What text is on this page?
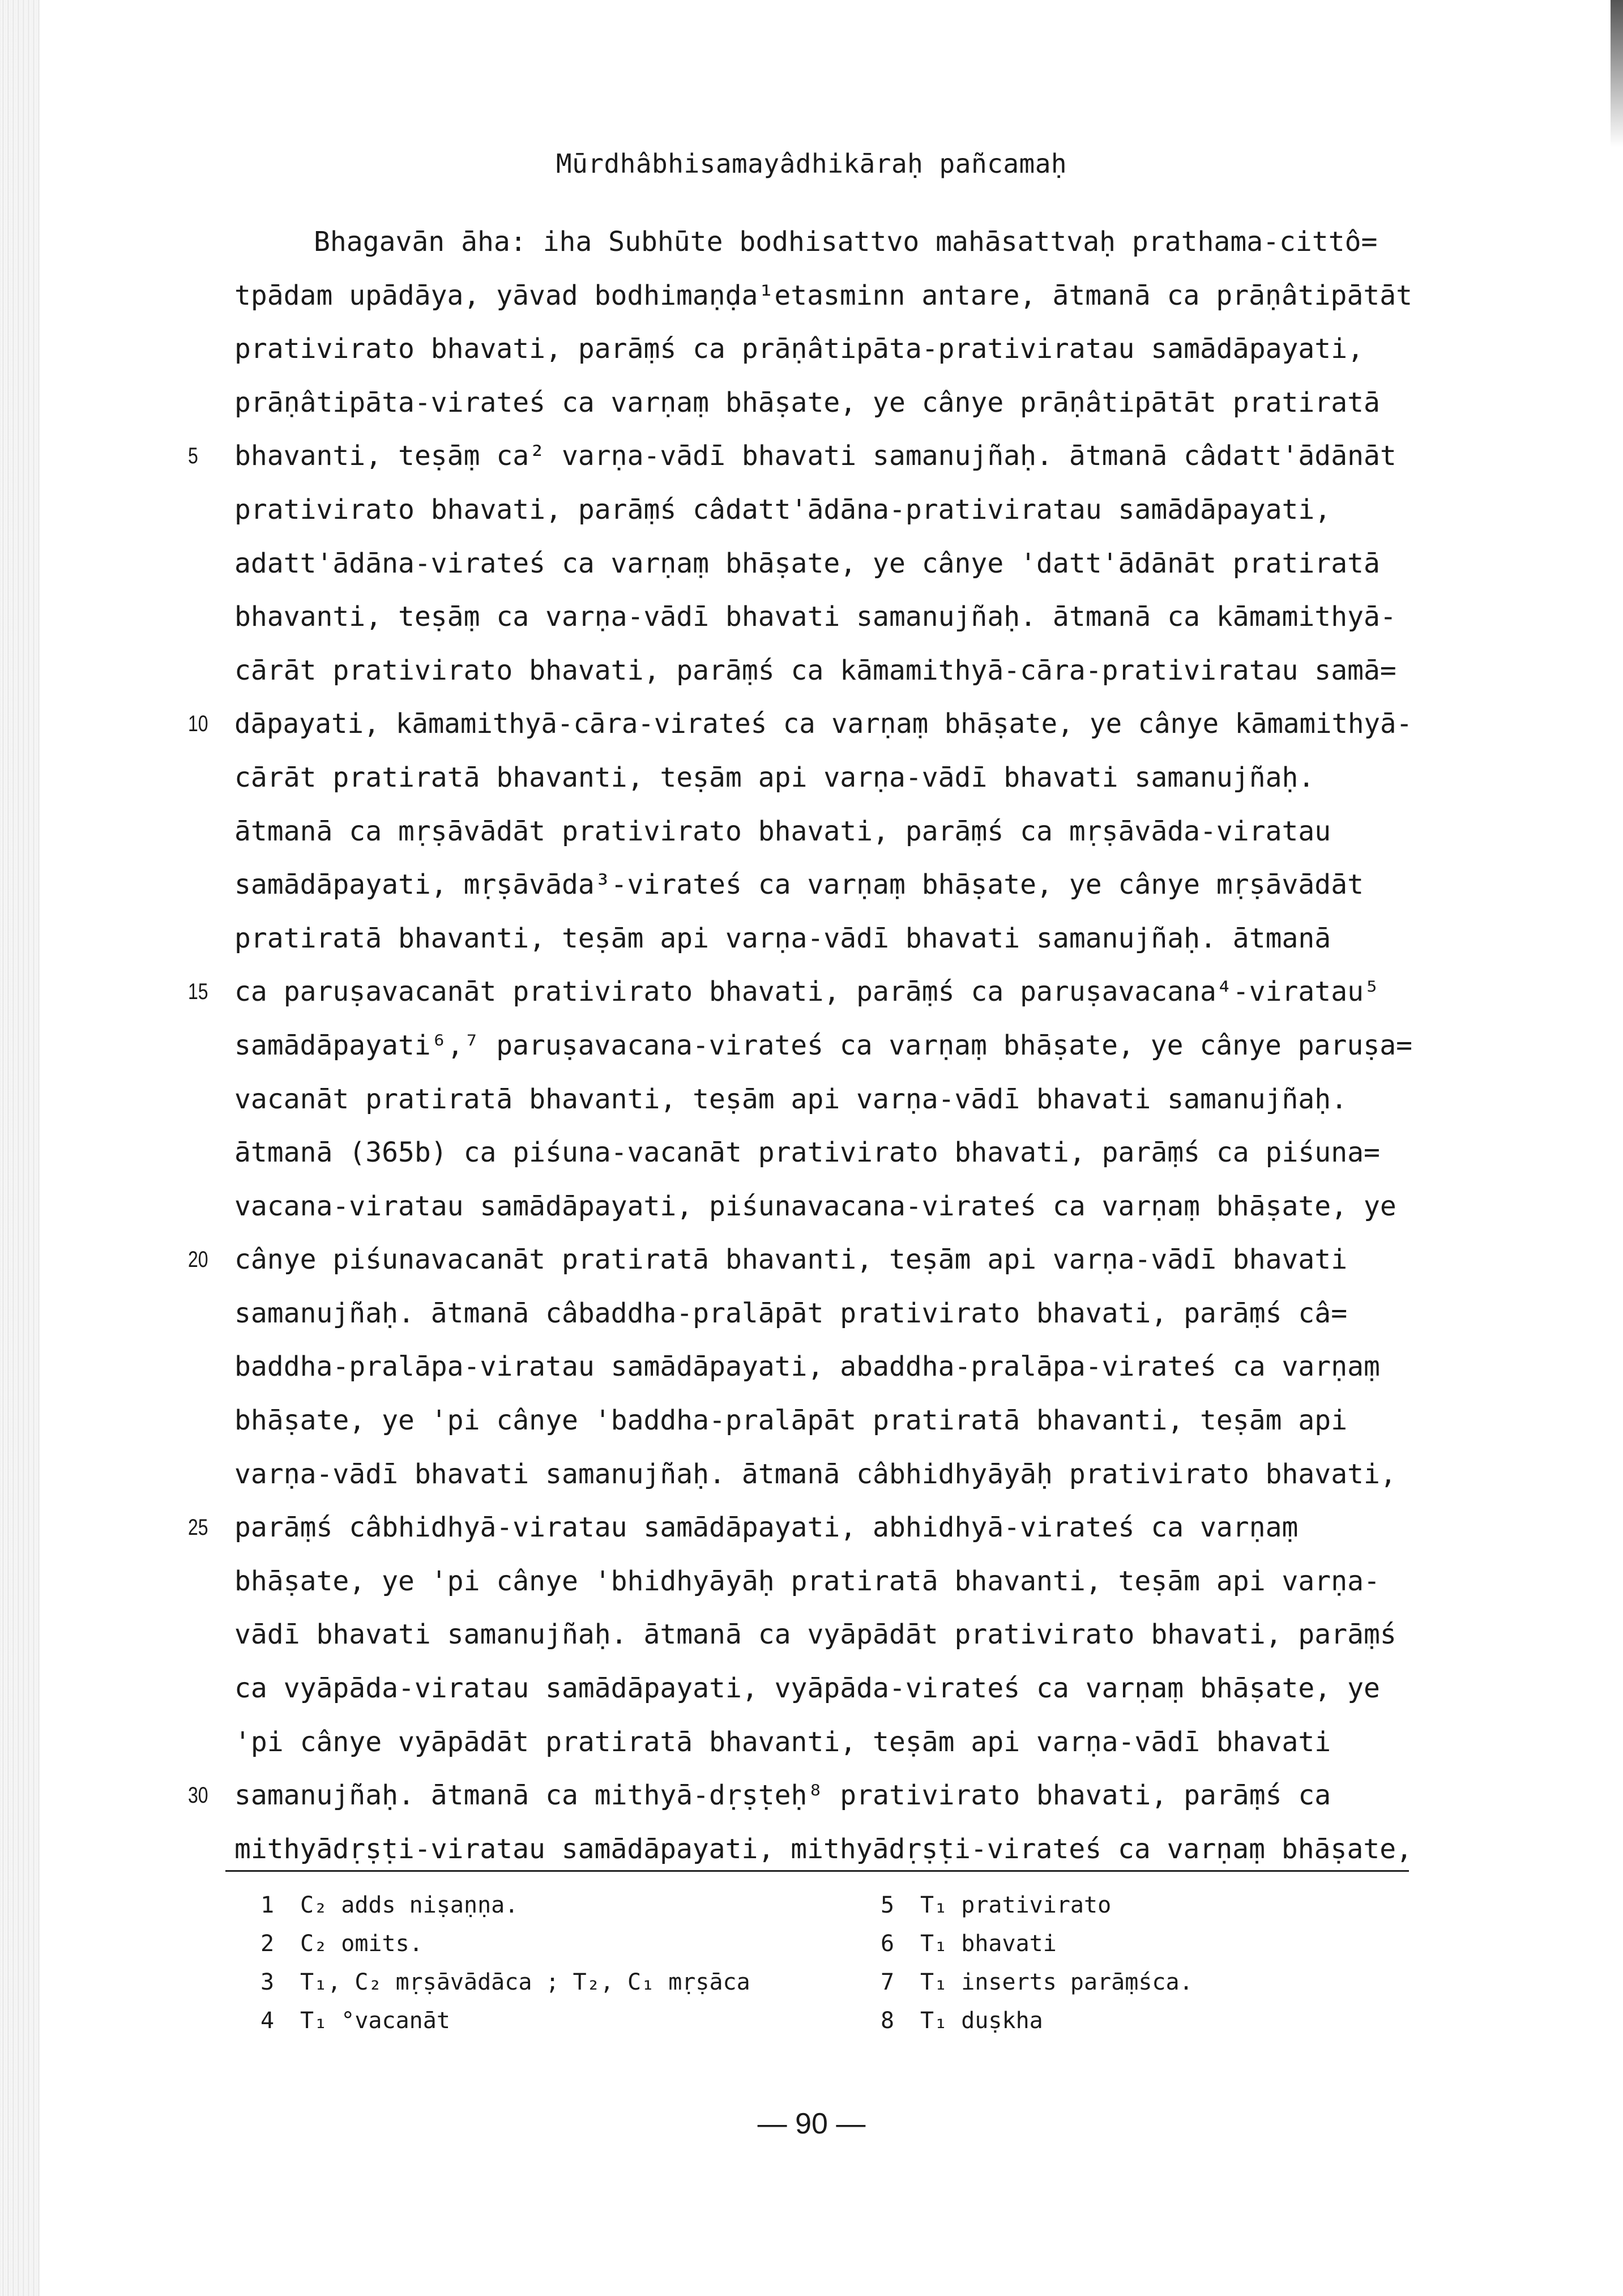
Mūrdhâbhisamayâdhikāraḥ pañcamaḥ
Bhagavān āha: iha Subhūte bodhisattvo mahāsattvaḥ prathama-cittô=
tpādam upādāya, yāvad bodhimaṇḍa¹etasminn antare, ātmanā ca prāṇâtipātāt
prativirato bhavati, parāṃś ca prāṇâtipāta-prativiratau samādāpayati,
prāṇâtipāta-virateś ca varṇaṃ bhāṣate, ye cânye prāṇâtipātāt pratiratā
5 bhavanti, teṣāṃ ca² varṇa-vādī bhavati samanujñaḥ. ātmanā câdatt'ādānāt
prativirato bhavati, parāṃś câdatt'ādāna-prativiratau samādāpayati,
adatt'ādāna-virateś ca varṇaṃ bhāṣate, ye cânye 'datt'ādānāt pratiratā
bhavanti, teṣāṃ ca varṇa-vādī bhavati samanujñaḥ. ātmanā ca kāmamithyā-
cārāt prativirato bhavati, parāṃś ca kāmamithyā-cāra-prativiratau samā=
10 dāpayati, kāmamithyā-cāra-virateś ca varṇaṃ bhāṣate, ye cânye kāmamithyā-
cārāt pratiratā bhavanti, teṣām api varṇa-vādī bhavati samanujñaḥ.
ātmanā ca mṛṣāvādāt prativirato bhavati, parāṃś ca mṛṣāvāda-viratau
samādāpayati, mṛṣāvāda³-virateś ca varṇaṃ bhāṣate, ye cânye mṛṣāvādāt
pratiratā bhavanti, teṣām api varṇa-vādī bhavati samanujñaḥ. ātmanā
15 ca paruṣavacanāt prativirato bhavati, parāṃś ca paruṣavacana⁴-viratau⁵
samādāpayati⁶,⁷ paruṣavacana-virateś ca varṇaṃ bhāṣate, ye cânye paruṣa=
vacanāt pratiratā bhavanti, teṣām api varṇa-vādī bhavati samanujñaḥ.
ātmanā (365b) ca piśuna-vacanāt prativirato bhavati, parāṃś ca piśuna=
vacana-viratau samādāpayati, piśunavacana-virateś ca varṇaṃ bhāṣate, ye
20 cânye piśunavacanāt pratiratā bhavanti, teṣām api varṇa-vādī bhavati
samanujñaḥ. ātmanā câbaddha-pralāpāt prativirato bhavati, parāṃś câ=
baddha-pralāpa-viratau samādāpayati, abaddha-pralāpa-virateś ca varṇaṃ
bhāṣate, ye 'pi cânye 'baddha-pralāpāt pratiratā bhavanti, teṣām api
varṇa-vādī bhavati samanujñaḥ. ātmanā câbhidhyāyāḥ prativirato bhavati,
25 parāṃś câbhidhyā-viratau samādāpayati, abhidhyā-virateś ca varṇaṃ
bhāṣate, ye 'pi cânye 'bhidhyāyāḥ pratiratā bhavanti, teṣām api varṇa-
vādī bhavati samanujñaḥ. ātmanā ca vyāpādāt prativirato bhavati, parāṃś
ca vyāpāda-viratau samādāpayati, vyāpāda-virateś ca varṇaṃ bhāṣate, ye
'pi cânye vyāpādāt pratiratā bhavanti, teṣām api varṇa-vādī bhavati
30 samanujñaḥ. ātmanā ca mithyā-dṛṣṭeḥ⁸ prativirato bhavati, parāṃś ca
mithyādṛṣṭi-viratau samādāpayati, mithyādṛṣṭi-virateś ca varṇaṃ bhāṣate,
1 C₂ adds niṣaṇṇa.	5 T₁ prativirato
2 C₂ omits.	6 T₁ bhavati
3 T₁, C₂ mṛṣāvādāca ; T₂, C₁ mṛṣāca	7 T₁ inserts parāṃśca.
4 T₁ °vacanāt	8 T₁ duṣkha
— 90 —
